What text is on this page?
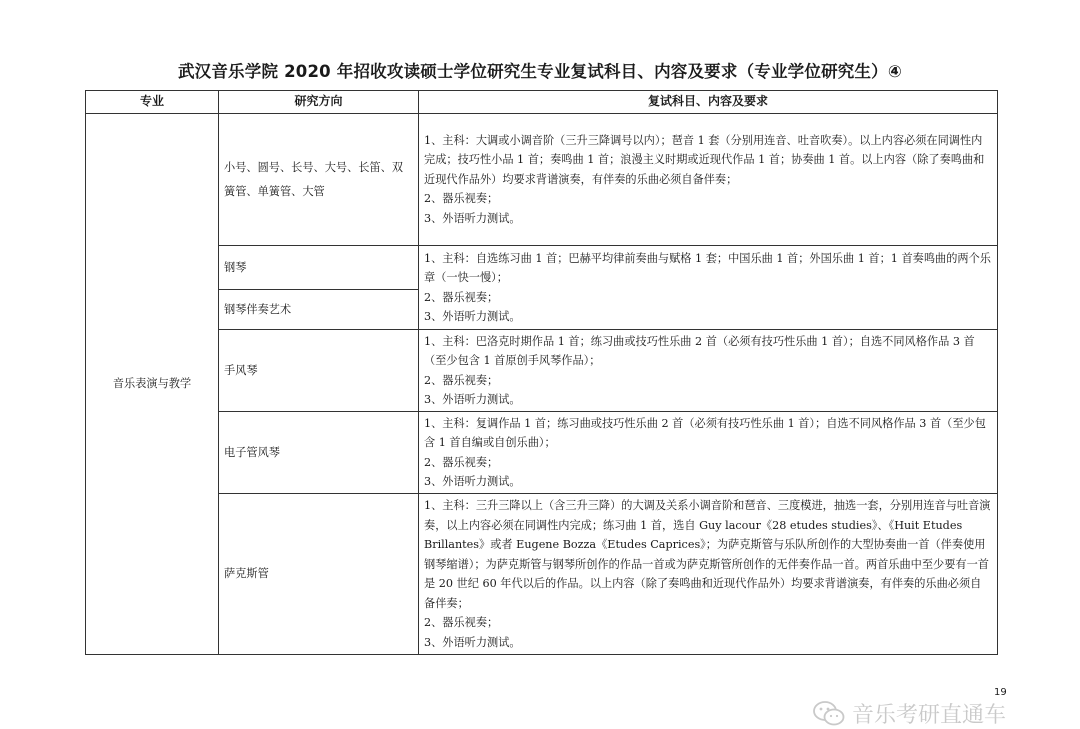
武汉音乐学院 2020 年招收攻读硕士学位研究生专业复试科目、内容及要求（专业学位研究生）④
专业	研究方向	复试科目、内容及要求
音乐表演与教学	小号、圆号、长号、大号、长笛、双簧管、单簧管、大管	1、主科：大调或小调音阶（三升三降调号以内）；琶音 1 套（分别用连音、吐音吹奏）。以上内容必须在同调性内完成；技巧性小品 1 首；奏鸣曲 1 首；浪漫主义时期或近现代作品 1 首；协奏曲 1 首。以上内容（除了奏鸣曲和近现代作品外）均要求背谱演奏，有伴奏的乐曲必须自备伴奏；
2、器乐视奏；
3、外语听力测试。

	钢琴	1、主科：自选练习曲 1 首；巴赫平均律前奏曲与赋格 1 套；中国乐曲 1 首；外国乐曲 1 首；1 首奏鸣曲的两个乐章（一快一慢）；
2、器乐视奏；
3、外语听力测试。

	钢琴伴奏艺术	
	手风琴	1、主科：巴洛克时期作品 1 首；练习曲或技巧性乐曲 2 首（必须有技巧性乐曲 1 首）；自选不同风格作品 3 首（至少包含 1 首原创手风琴作品）；
2、器乐视奏；
3、外语听力测试。

	电子管风琴	1、主科：复调作品 1 首；练习曲或技巧性乐曲 2 首（必须有技巧性乐曲 1 首）；自选不同风格作品 3 首（至少包含 1 首自编或自创乐曲）；
2、器乐视奏；
3、外语听力测试。

	萨克斯管	1、主科：三升三降以上（含三升三降）的大调及关系小调音阶和琶音、三度模进，抽选一套，分别用连音与吐音演奏，以上内容必须在同调性内完成；练习曲 1 首，选自 Guy lacour《28 etudes studies》、《Huit Etudes Brillantes》或者 Eugene Bozza《Etudes Caprices》；为萨克斯管与乐队所创作的大型协奏曲一首（伴奏使用钢琴缩谱）；为萨克斯管与钢琴所创作的作品一首或为萨克斯管所创作的无伴奏作品一首。两首乐曲中至少要有一首是 20 世纪 60 年代以后的作品。以上内容（除了奏鸣曲和近现代作品外）均要求背谱演奏，有伴奏的乐曲必须自备伴奏；
2、器乐视奏；
3、外语听力测试。
19
音乐考研直通车
